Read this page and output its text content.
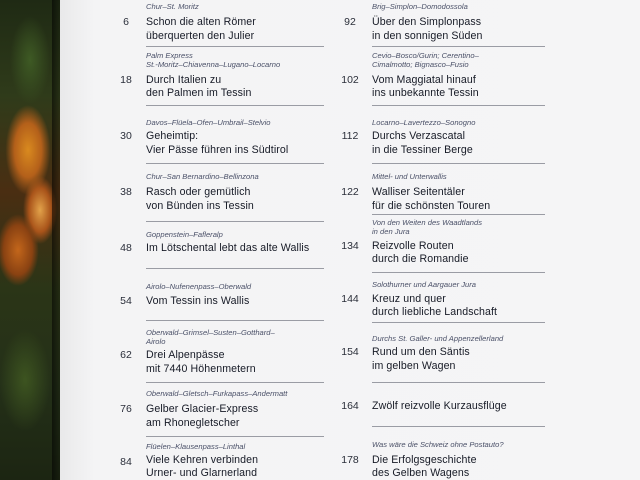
Chur–St. Moritz
6	Schon die alten Römer
überquerten den Julier
Palm Express
St.-Moritz–Chiavenna–Lugano–Locarno
18	Durch Italien zu
den Palmen im Tessin
Davos–Flüela–Ofen–Umbrail–Stelvio
30	Geheimtip:
Vier Pässe führen ins Südtirol
Chur–San Bernardino–Bellinzona
38	Rasch oder gemütlich
von Bünden ins Tessin
Goppenstein–Fafleralp
48	Im Lötschental lebt das alte Wallis
Airolo–Nufenenpass–Oberwald
54	Vom Tessin ins Wallis
Oberwald–Grimsel–Susten–Gotthard–
Airolo
62	Drei Alpenpässe
mit 7440 Höhenmetern
Oberwald–Gletsch–Furkapass–Andermatt
76	Gelber Glacier-Express
am Rhonegletscher
Flüelen–Klausenpass–Linthal
84	Viele Kehren verbinden
Urner- und Glarnerland
Brig–Simplon–Domodossola
92	Über den Simplonpass
in den sonnigen Süden
Cevio–Bosco/Gurin; Cerentino–
Cimalmotto; Bignasco–Fusio
102 Vom Maggiatal hinauf
ins unbekannte Tessin
Locarno–Lavertezzo–Sonogno
112 Durchs Verzascatal
in die Tessiner Berge
Mittel- und Unterwallis
122 Walliser Seitentäler
für die schönsten Touren
Von den Weiten des Waadtlands
in den Jura
134 Reizvolle Routen
durch die Romandie
Solothurner und Aargauer Jura
144 Kreuz und quer
durch liebliche Landschaft
Durchs St. Galler- und Appenzellerland
154 Rund um den Säntis
im gelben Wagen
164 Zwölf reizvolle Kurzausflüge
Was wäre die Schweiz ohne Postauto?
178 Die Erfolgsgeschichte
des Gelben Wagens
